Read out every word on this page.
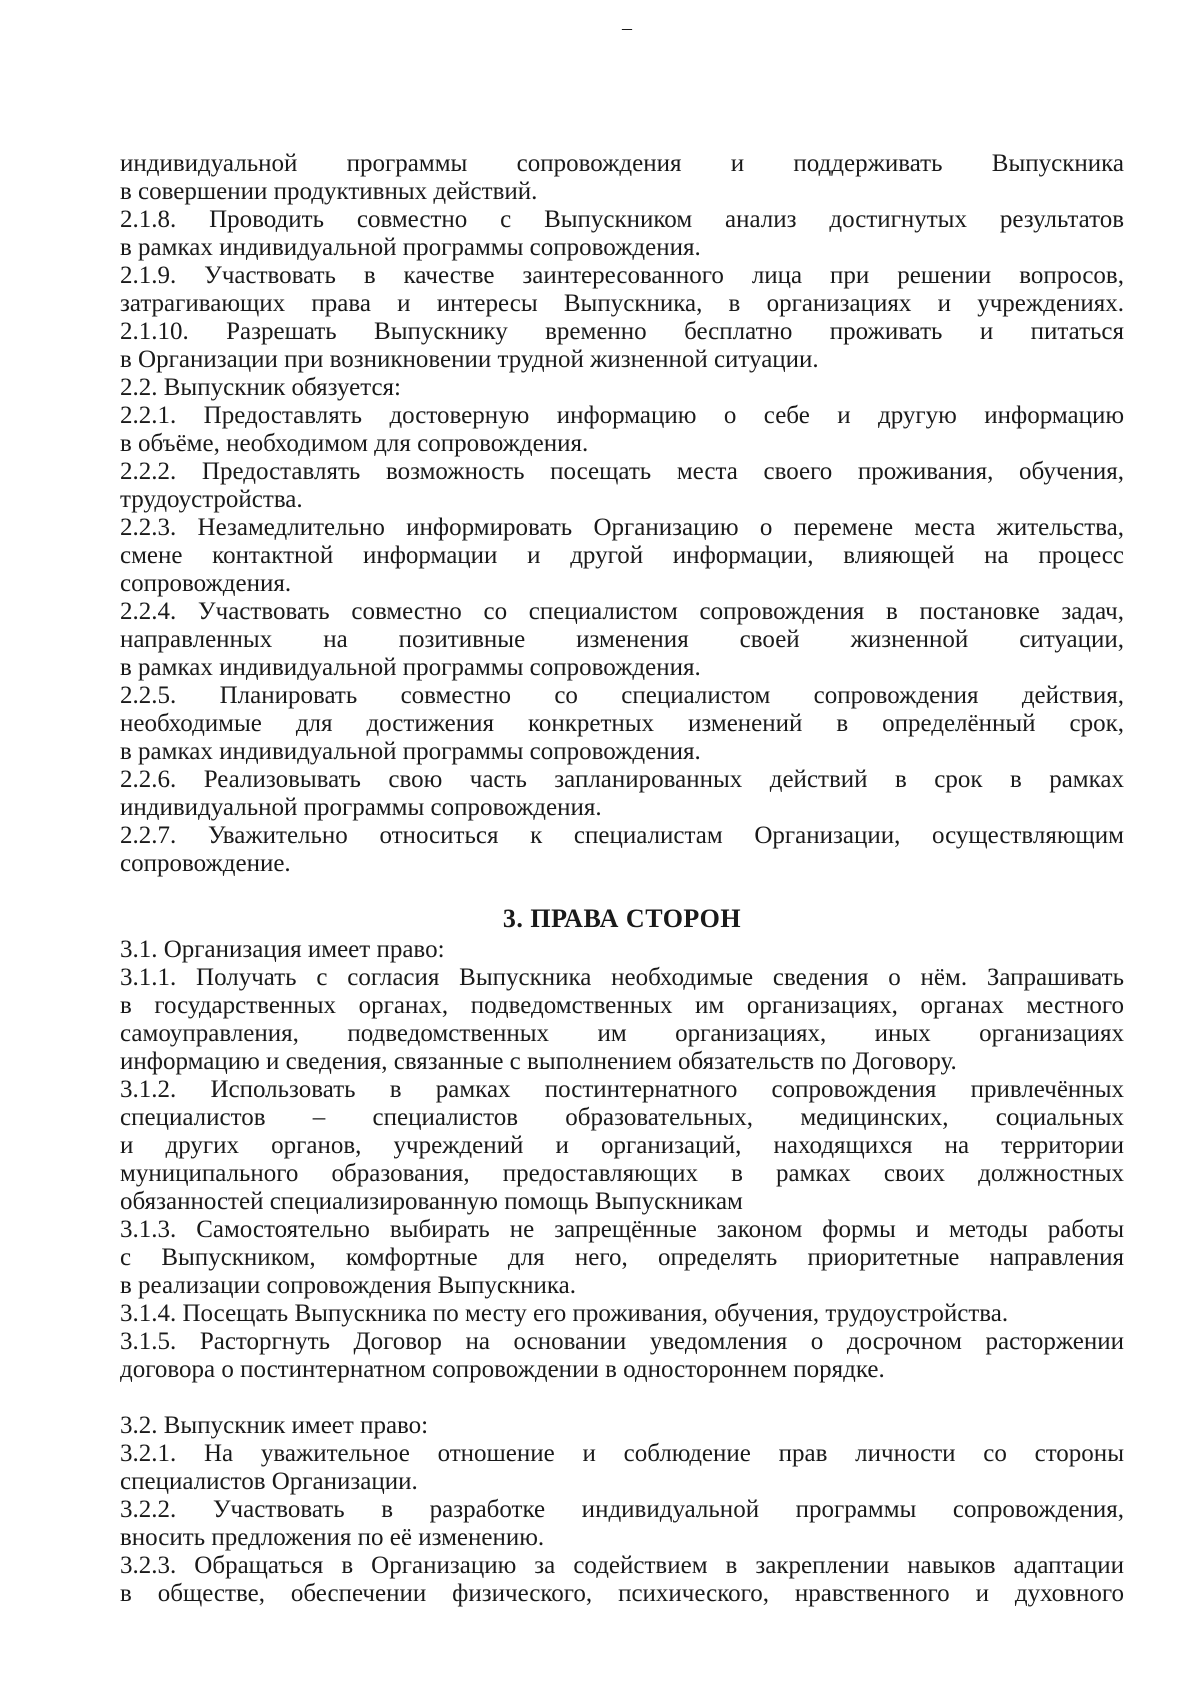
–
индивидуальной программы сопровождения и поддерживать Выпускника
в совершении продуктивных действий.
2.1.8. Проводить совместно с Выпускником анализ достигнутых результатов
в рамках индивидуальной программы сопровождения.
2.1.9. Участвовать в качестве заинтересованного лица при решении вопросов,
затрагивающих права и интересы Выпускника, в организациях и учреждениях.
2.1.10. Разрешать Выпускнику временно бесплатно проживать и питаться
в Организации при возникновении трудной жизненной ситуации.
2.2. Выпускник обязуется:
2.2.1. Предоставлять достоверную информацию о себе и другую информацию
в объёме, необходимом для сопровождения.
2.2.2. Предоставлять возможность посещать места своего проживания, обучения,
трудоустройства.
2.2.3. Незамедлительно информировать Организацию о перемене места жительства,
смене контактной информации и другой информации, влияющей на процесс
сопровождения.
2.2.4. Участвовать совместно со специалистом сопровождения в постановке задач,
направленных на позитивные изменения своей жизненной ситуации,
в рамках индивидуальной программы сопровождения.
2.2.5. Планировать совместно со специалистом сопровождения действия,
необходимые для достижения конкретных изменений в определённый срок,
в рамках индивидуальной программы сопровождения.
2.2.6. Реализовывать свою часть запланированных действий в срок в рамках
индивидуальной программы сопровождения.
2.2.7. Уважительно относиться к специалистам Организации, осуществляющим
сопровождение.
3. ПРАВА СТОРОН
3.1. Организация имеет право:
3.1.1. Получать с согласия Выпускника необходимые сведения о нём. Запрашивать
в государственных органах, подведомственных им организациях, органах местного
самоуправления, подведомственных им организациях, иных организациях
информацию и сведения, связанные с выполнением обязательств по Договору.
3.1.2. Использовать в рамках постинтернатного сопровождения привлечённых
специалистов – специалистов образовательных, медицинских, социальных
и других органов, учреждений и организаций, находящихся на территории
муниципального образования, предоставляющих в рамках своих должностных
обязанностей специализированную помощь Выпускникам
3.1.3. Самостоятельно выбирать не запрещённые законом формы и методы работы
с Выпускником, комфортные для него, определять приоритетные направления
в реализации сопровождения Выпускника.
3.1.4. Посещать Выпускника по месту его проживания, обучения, трудоустройства.
3.1.5. Расторгнуть Договор на основании уведомления о досрочном расторжении
договора о постинтернатном сопровождении в одностороннем порядке.
3.2. Выпускник имеет право:
3.2.1. На уважительное отношение и соблюдение прав личности со стороны
специалистов Организации.
3.2.2. Участвовать в разработке индивидуальной программы сопровождения,
вносить предложения по её изменению.
3.2.3. Обращаться в Организацию за содействием в закреплении навыков адаптации
в обществе, обеспечении физического, психического, нравственного и духовного
